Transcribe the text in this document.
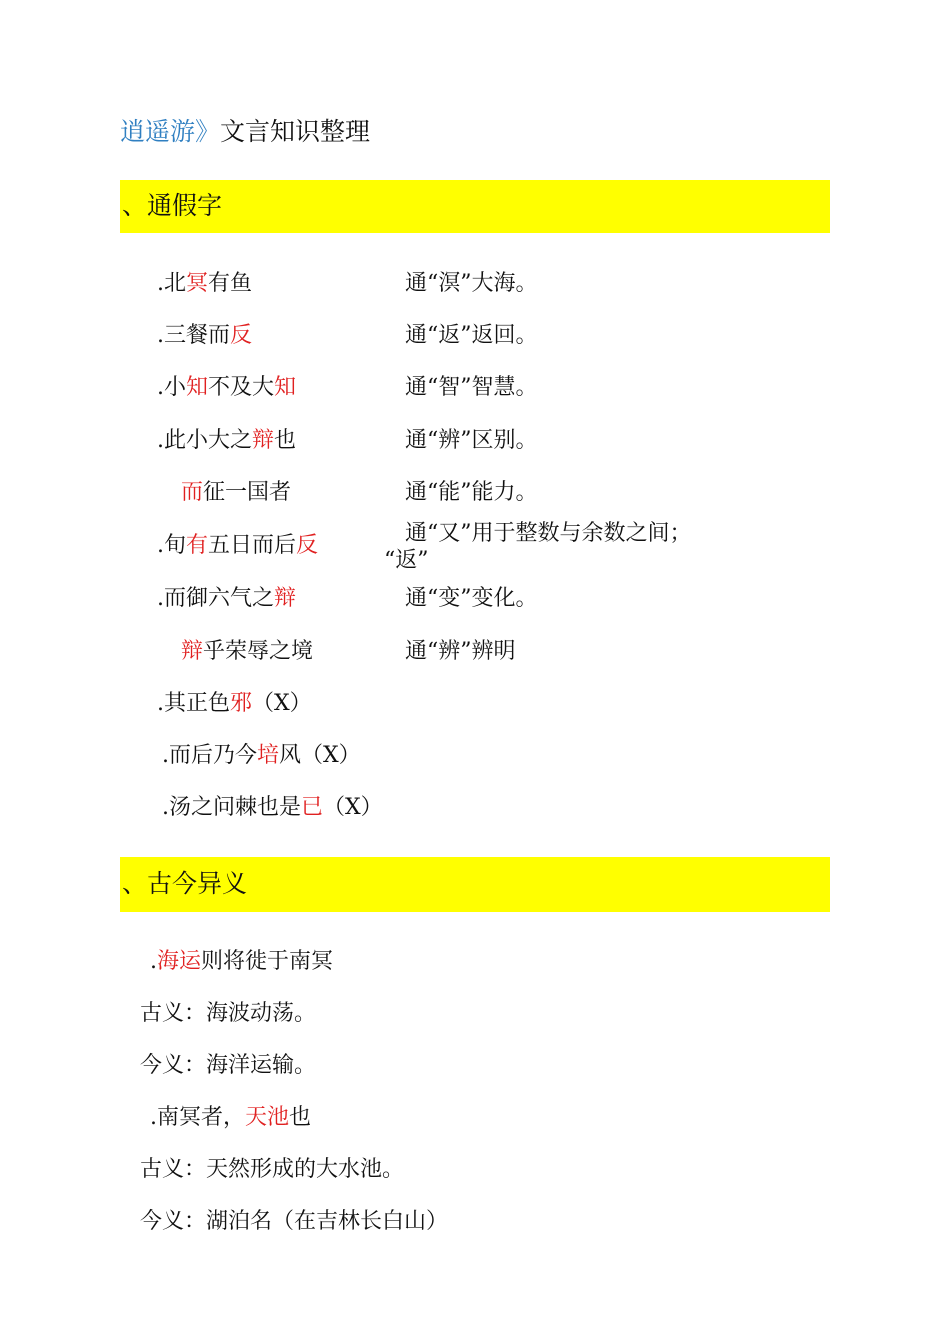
逍遥游》文言知识整理
、通假字
.北冥有鱼	通“溟”大海。
.三餐而反	通“返”返回。
.小知不及大知	通“智”智慧。
.此小大之辩也	通“辨”区别。
而征一国者	通“能”能力。
.旬有五日而后反	通“又”用于整数与余数之间；
“返”
.而御六气之辩	通“变”变化。
辩乎荣辱之境	通“辨”辨明
.其正色邪（X）
.而后乃今培风（X）
.汤之问棘也是已（X）
、古今异义
.海运则将徙于南冥
古义：海波动荡。
今义：海洋运输。
.南冥者，天池也
古义：天然形成的大水池。
今义：湖泊名（在吉林长白山）
